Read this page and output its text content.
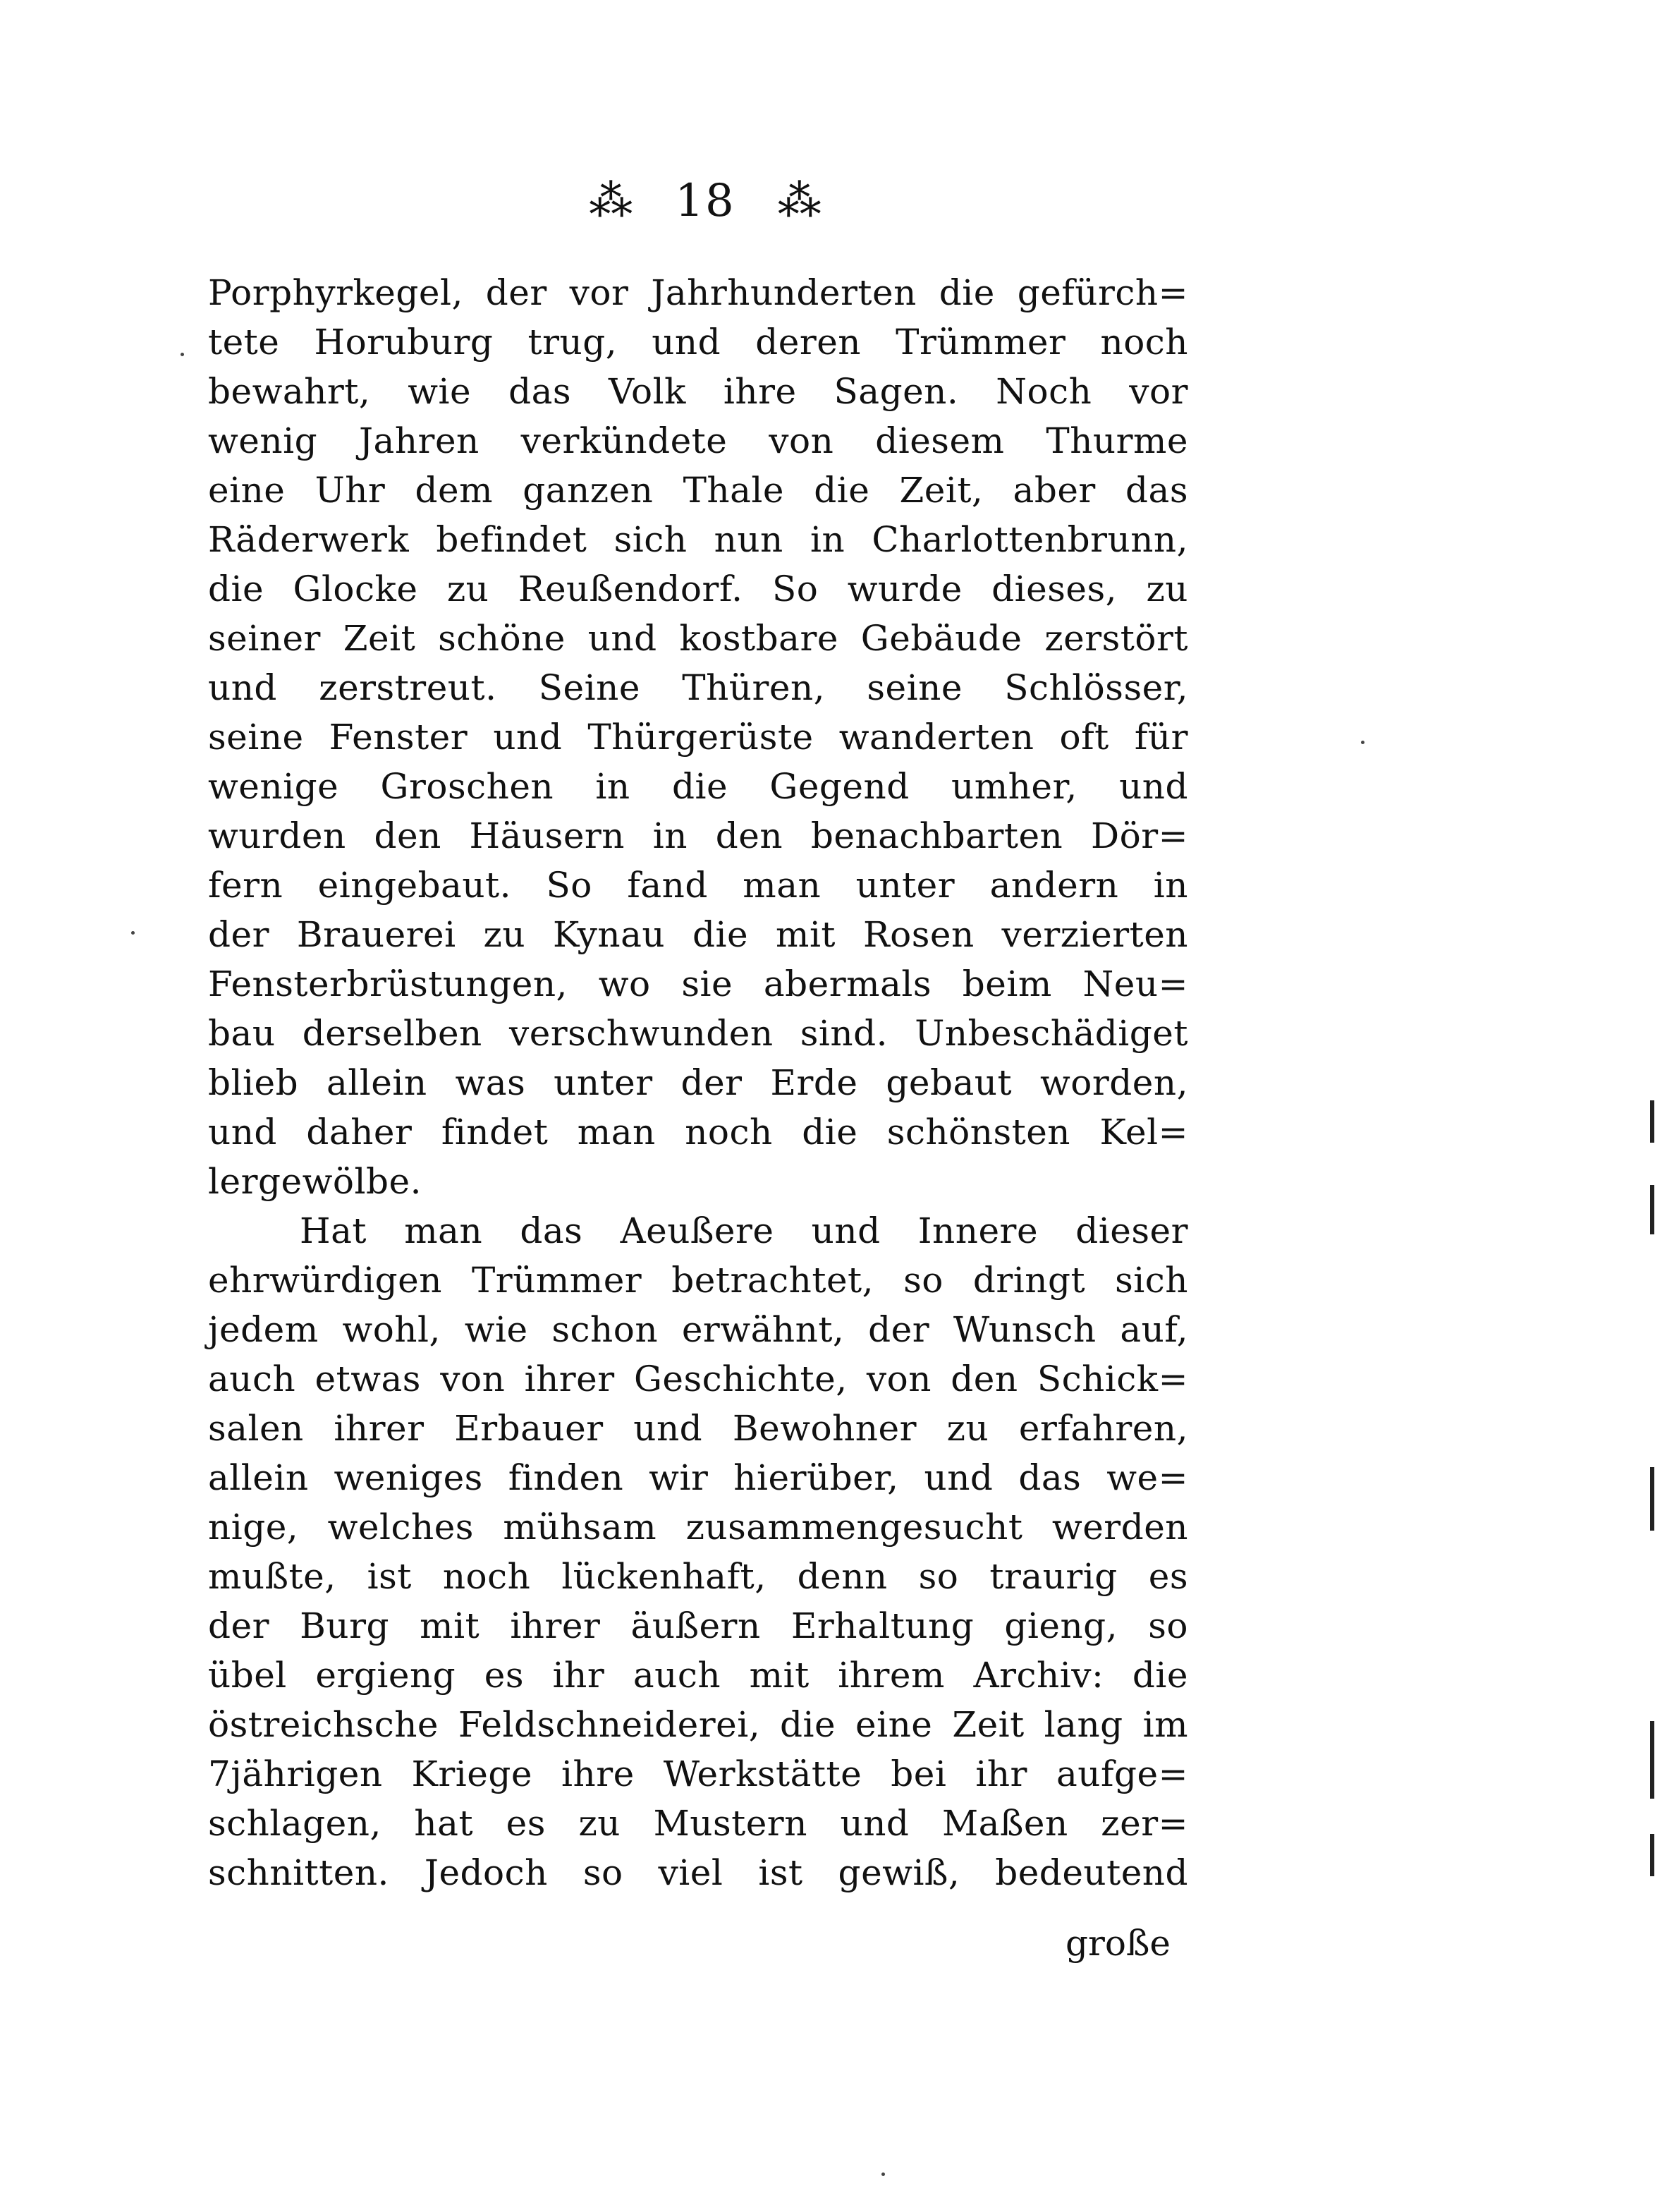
⁂ 18 ⁂
Porphyrkegel, der vor Jahrhunderten die gefürch=
tete Horuburg trug, und deren Trümmer noch
bewahrt, wie das Volk ihre Sagen. Noch vor
wenig Jahren verkündete von diesem Thurme
eine Uhr dem ganzen Thale die Zeit, aber das
Räderwerk befindet sich nun in Charlottenbrunn,
die Glocke zu Reußendorf. So wurde dieses, zu
seiner Zeit schöne und kostbare Gebäude zerstört
und zerstreut. Seine Thüren, seine Schlösser,
seine Fenster und Thürgerüste wanderten oft für
wenige Groschen in die Gegend umher, und
wurden den Häusern in den benachbarten Dör=
fern eingebaut. So fand man unter andern in
der Brauerei zu Kynau die mit Rosen verzierten
Fensterbrüstungen, wo sie abermals beim Neu=
bau derselben verschwunden sind. Unbeschädiget
blieb allein was unter der Erde gebaut worden,
und daher findet man noch die schönsten Kel=
lergewölbe.
Hat man das Aeußere und Innere dieser
ehrwürdigen Trümmer betrachtet, so dringt sich
jedem wohl, wie schon erwähnt, der Wunsch auf,
auch etwas von ihrer Geschichte, von den Schick=
salen ihrer Erbauer und Bewohner zu erfahren,
allein weniges finden wir hierüber, und das we=
nige, welches mühsam zusammengesucht werden
mußte, ist noch lückenhaft, denn so traurig es
der Burg mit ihrer äußern Erhaltung gieng, so
übel ergieng es ihr auch mit ihrem Archiv: die
östreichsche Feldschneiderei, die eine Zeit lang im
7jährigen Kriege ihre Werkstätte bei ihr aufge=
schlagen, hat es zu Mustern und Maßen zer=
schnitten. Jedoch so viel ist gewiß, bedeutend
große
